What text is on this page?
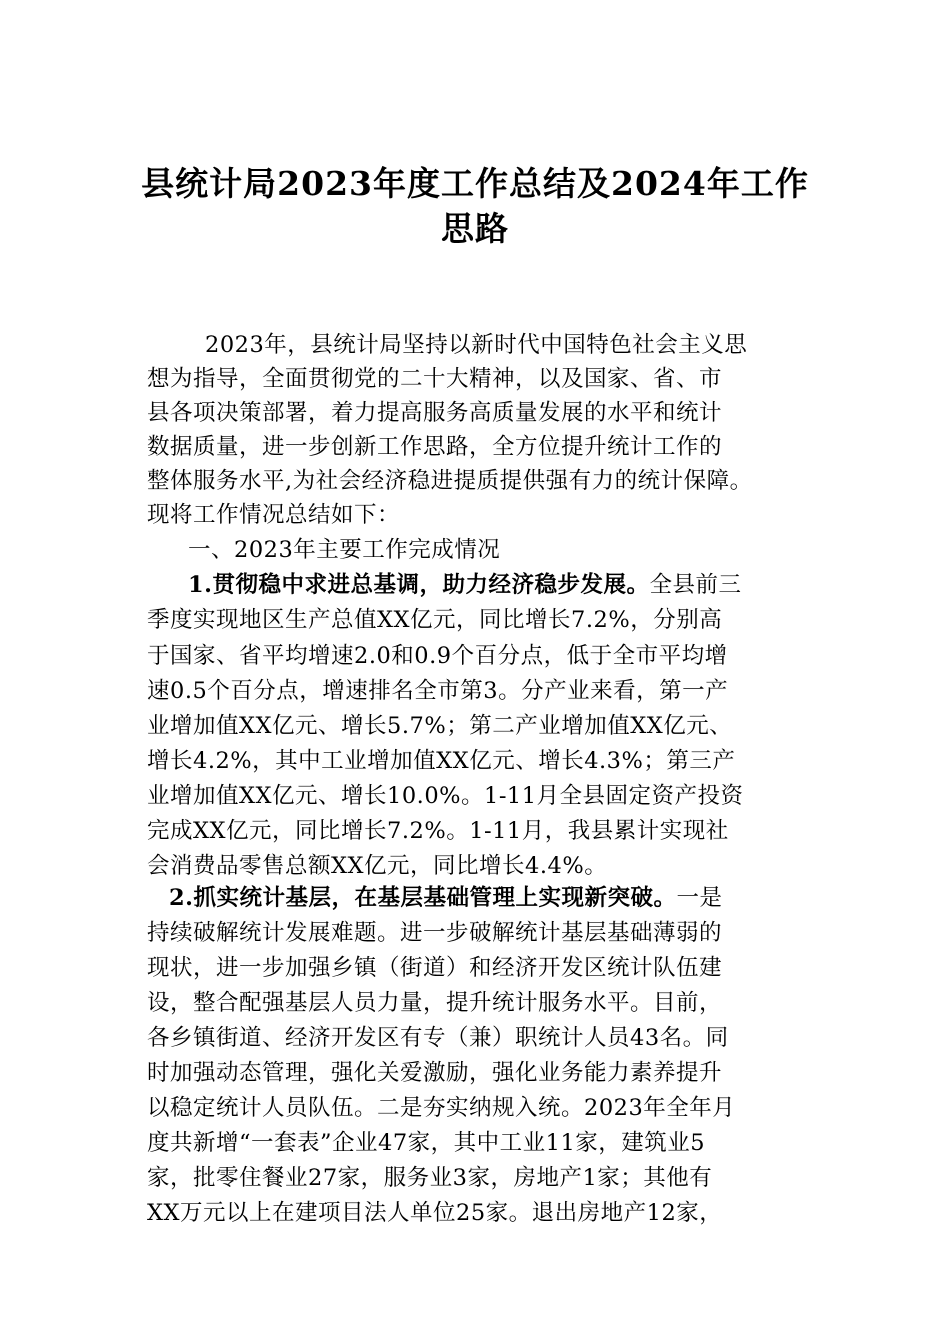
县统计局2023年度工作总结及2024年工作
思路
2023年，县统计局坚持以新时代中国特色社会主义思
想为指导，全面贯彻党的二十大精神，以及国家、省、市
县各项决策部署，着力提高服务高质量发展的水平和统计
数据质量，进一步创新工作思路，全方位提升统计工作的
整体服务水平,为社会经济稳进提质提供强有力的统计保障。
现将工作情况总结如下：
一、2023年主要工作完成情况
1.贯彻稳中求进总基调，助力经济稳步发展。全县前三
季度实现地区生产总值XX亿元，同比增长7.2%，分别高
于国家、省平均增速2.0和0.9个百分点，低于全市平均增
速0.5个百分点，增速排名全市第3。分产业来看，第一产
业增加值XX亿元、增长5.7%；第二产业增加值XX亿元、
增长4.2%，其中工业增加值XX亿元、增长4.3%；第三产
业增加值XX亿元、增长10.0%。1-11月全县固定资产投资
完成XX亿元，同比增长7.2%。1-11月，我县累计实现社
会消费品零售总额XX亿元，同比增长4.4%。
2.抓实统计基层，在基层基础管理上实现新突破。一是
持续破解统计发展难题。进一步破解统计基层基础薄弱的
现状，进一步加强乡镇（街道）和经济开发区统计队伍建
设，整合配强基层人员力量，提升统计服务水平。目前，
各乡镇街道、经济开发区有专（兼）职统计人员43名。同
时加强动态管理，强化关爱激励，强化业务能力素养提升
以稳定统计人员队伍。二是夯实纳规入统。2023年全年月
度共新增“一套表”企业47家，其中工业11家，建筑业5
家，批零住餐业27家，服务业3家，房地产1家；其他有
XX万元以上在建项目法人单位25家。退出房地产12家，
